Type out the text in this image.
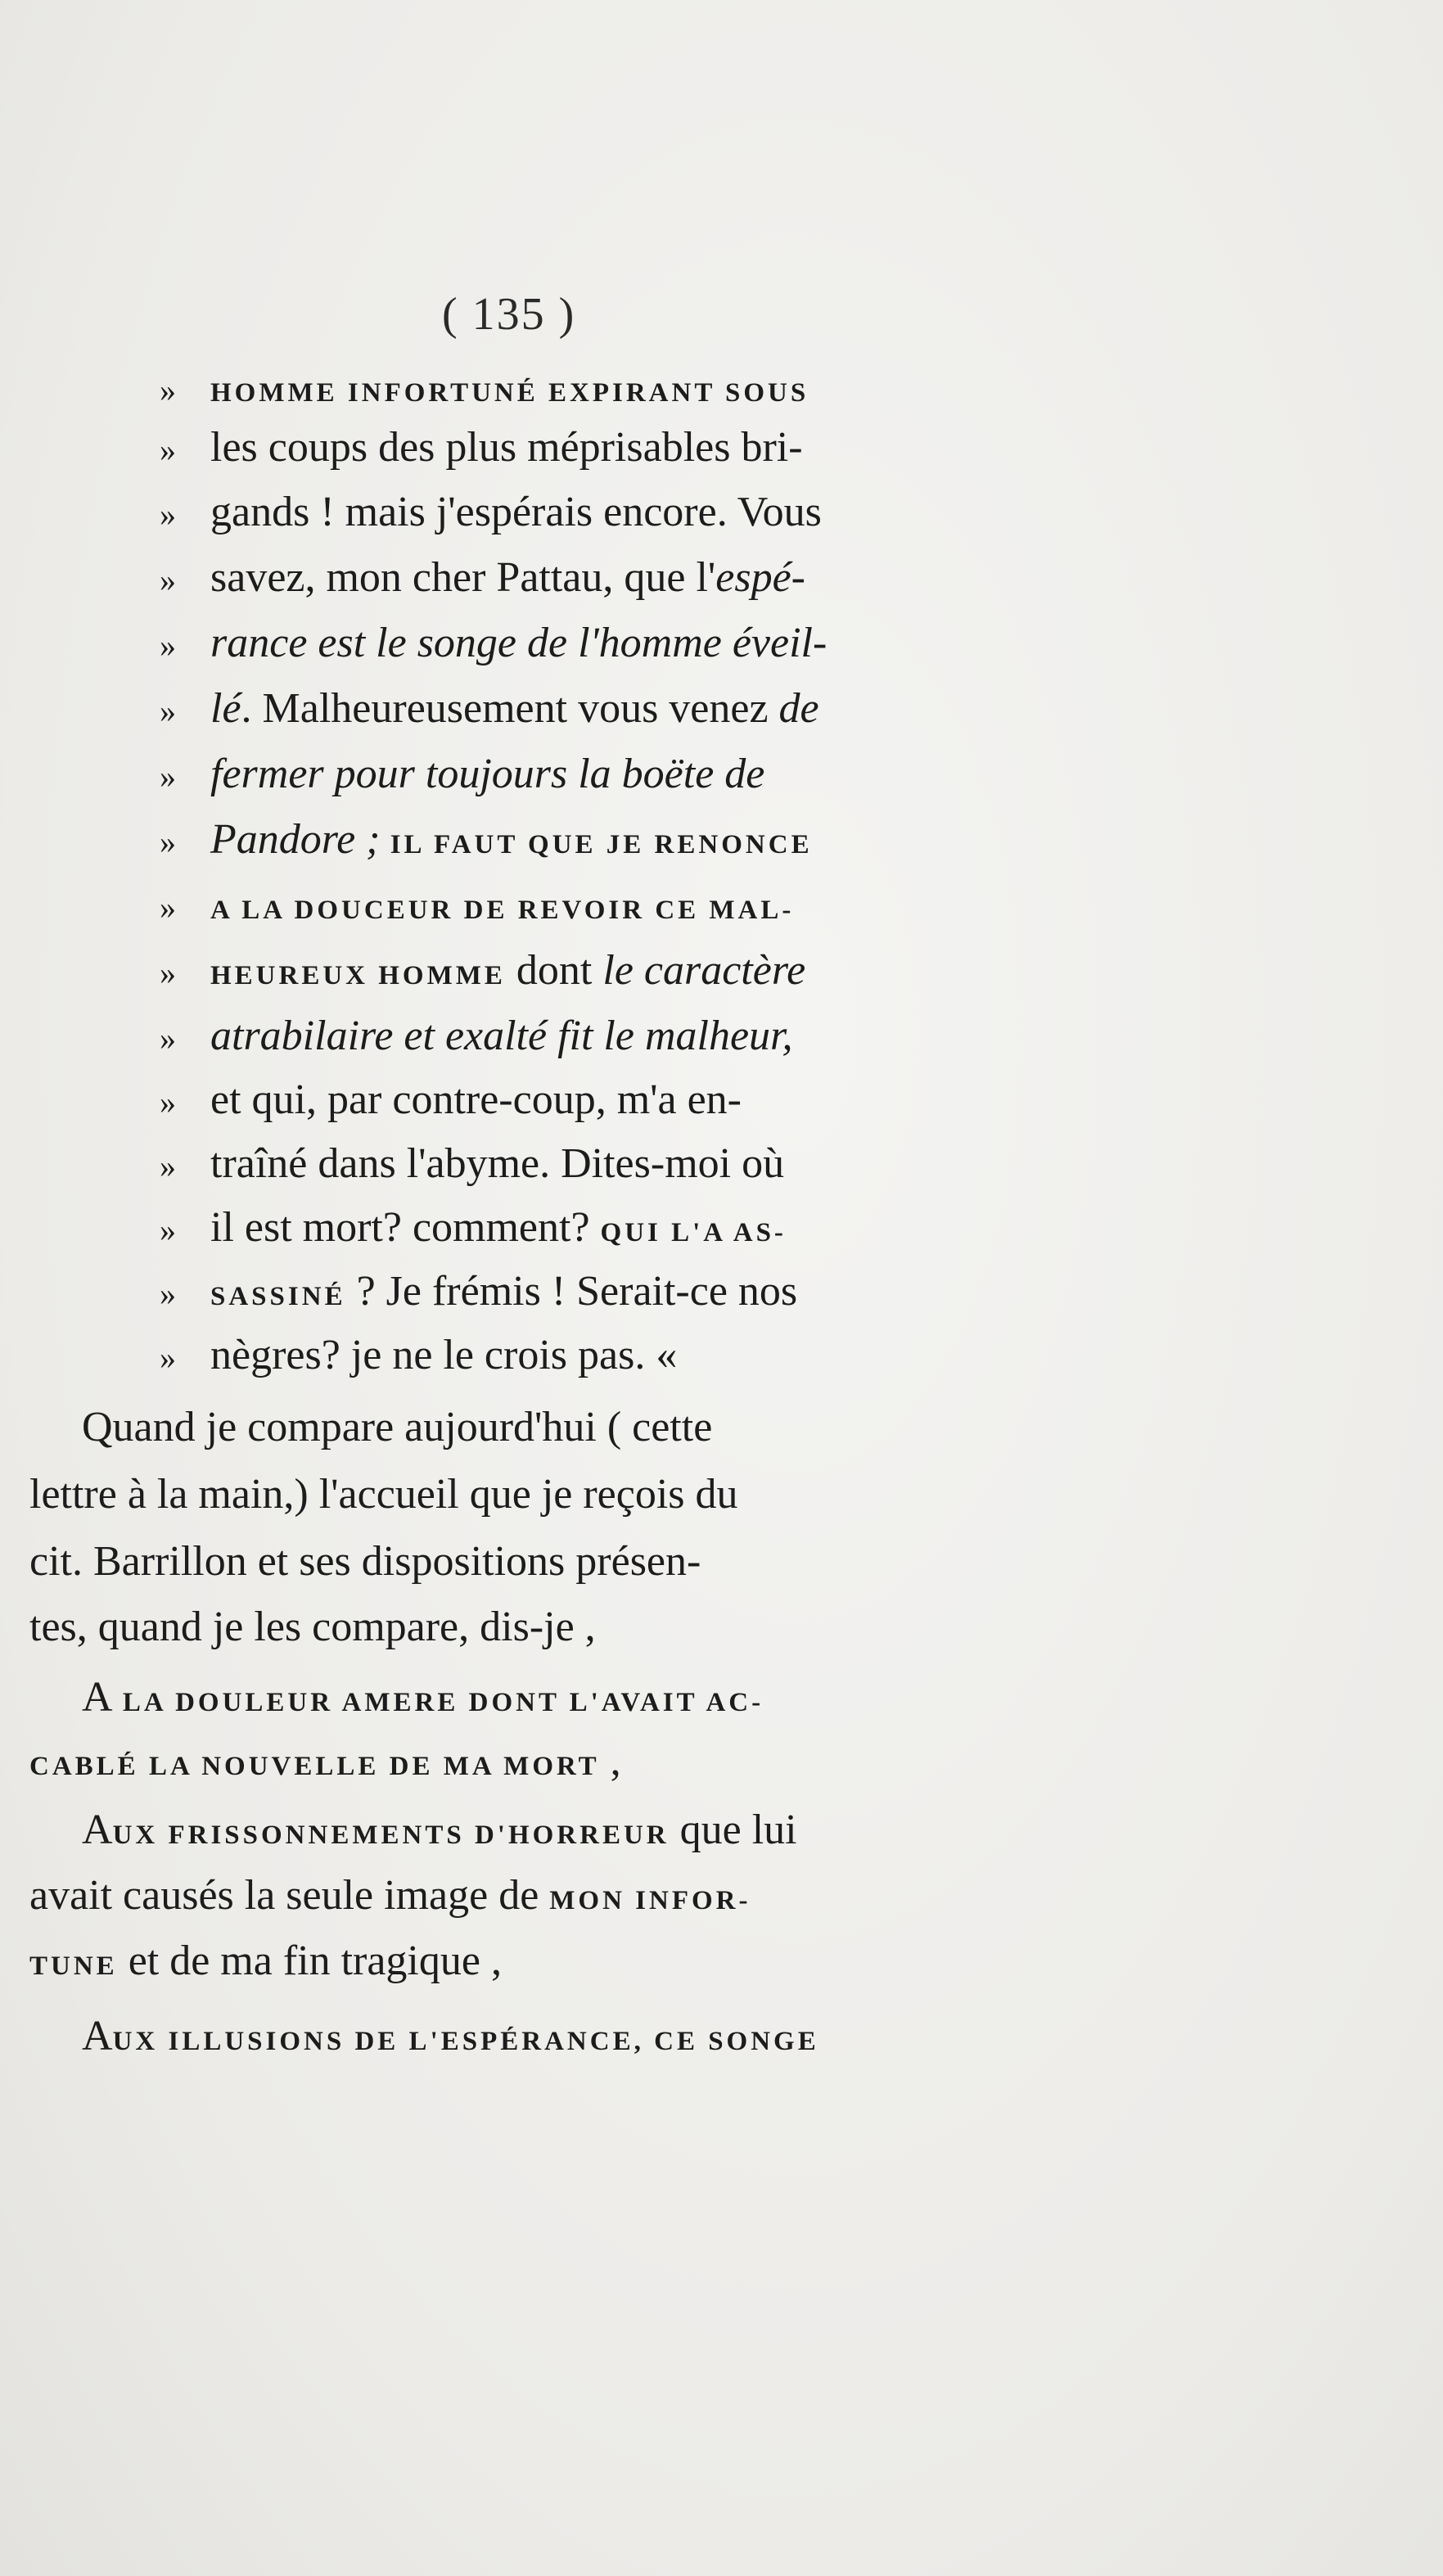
( 135 )
» HOMME INFORTUNÉ EXPIRANT SOUS
» les coups des plus méprisables bri-
» gands ! mais j'espérais encore. Vous
» savez, mon cher Pattau, que l'espé-
» rance est le songe de l'homme éveil-
» lé. Malheureusement vous venez de
» fermer pour toujours la boëte de
» Pandore ; IL FAUT QUE JE RENONCE
» A LA DOUCEUR DE REVOIR CE MAL-
» HEUREUX HOMME dont le caractère
» atrabilaire et exalté fit le malheur,
» et qui, par contre-coup, m'a en-
» traîné dans l'abyme. Dites-moi où
» il est mort? comment? QUI L'A AS-
» SASSINÉ ? Je frémis ! Serait-ce nos
» nègres? je ne le crois pas. «
Quand je compare aujourd'hui ( cette
lettre à la main,) l'accueil que je reçois du
cit. Barrillon et ses dispositions présen-
tes, quand je les compare, dis-je ,
A LA DOULEUR AMERE DONT L'AVAIT AC-
CABLÉ LA NOUVELLE DE MA MORT ,
AUX FRISSONNEMENTS D'HORREUR que lui
avait causés la seule image de MON INFOR-
TUNE et de ma fin tragique ,
AUX ILLUSIONS DE L'ESPÉRANCE, CE SONGE
